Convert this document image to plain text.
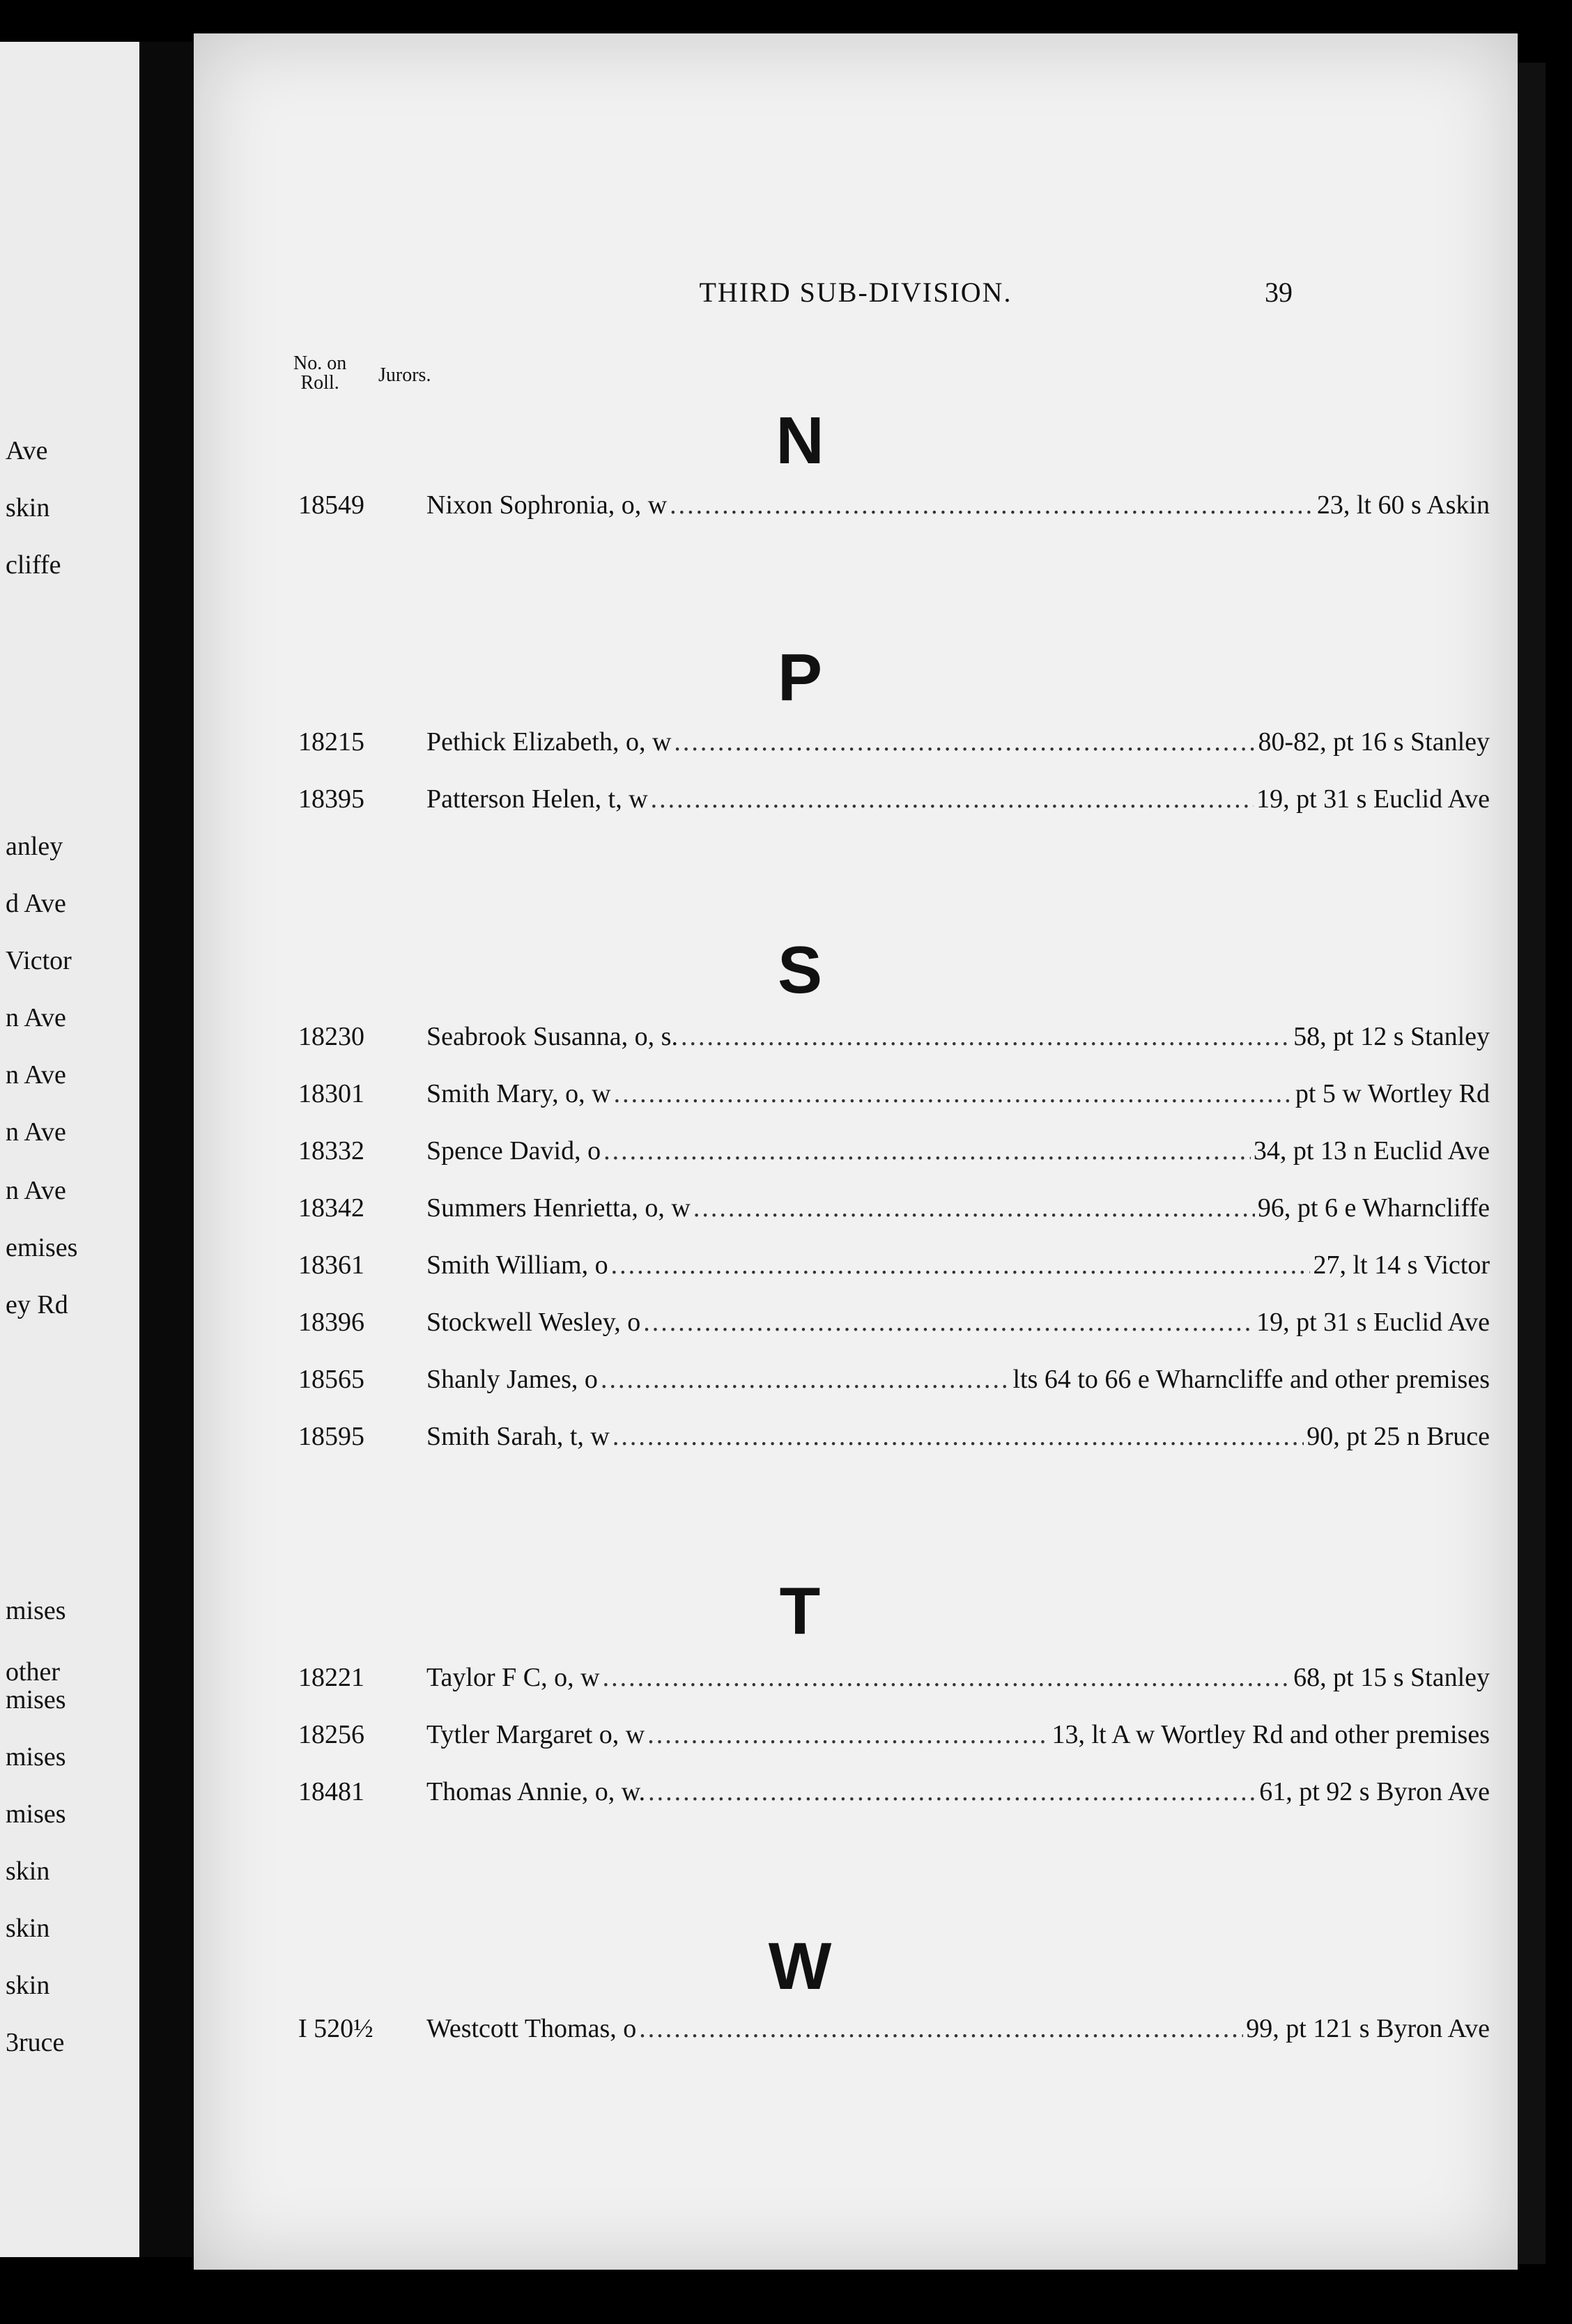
Ave
skin
cliffe
anley
d Ave
Victor
n Ave
n Ave
n Ave
n Ave
emises
ey Rd
mises
other
mises
mises
mises
skin
skin
skin
3ruce
THIRD SUB-DIVISION.	39
No. on
Roll.	Jurors.
N
18549	Nixon Sophronia, o, w .....	23, lt 60 s Askin
P
18215	Pethick Elizabeth, o, w .....	80-82, pt 16 s Stanley
18395	Patterson Helen, t, w .....	19, pt 31 s Euclid Ave
S
18230	Seabrook Susanna, o, s. .....	58, pt 12 s Stanley
18301	Smith Mary, o, w .....	pt 5 w Wortley Rd
18332	Spence David, o .....	34, pt 13 n Euclid Ave
18342	Summers Henrietta, o, w .....	96, pt 6 e Wharncliffe
18361	Smith William, o .....	27, lt 14 s Victor
18396	Stockwell Wesley, o .....	19, pt 31 s Euclid Ave
18565	Shanly James, o .....	lts 64 to 66 e Wharncliffe and other premises
18595	Smith Sarah, t, w .....	90, pt 25 n Bruce
T
18221	Taylor F C, o, w .....	68, pt 15 s Stanley
18256	Tytler Margaret o, w .....	13, lt A w Wortley Rd and other premises
18481	Thomas Annie, o, w. .....	61, pt 92 s Byron Ave
W
I 520½	Westcott Thomas, o .....	99, pt 121 s Byron Ave
